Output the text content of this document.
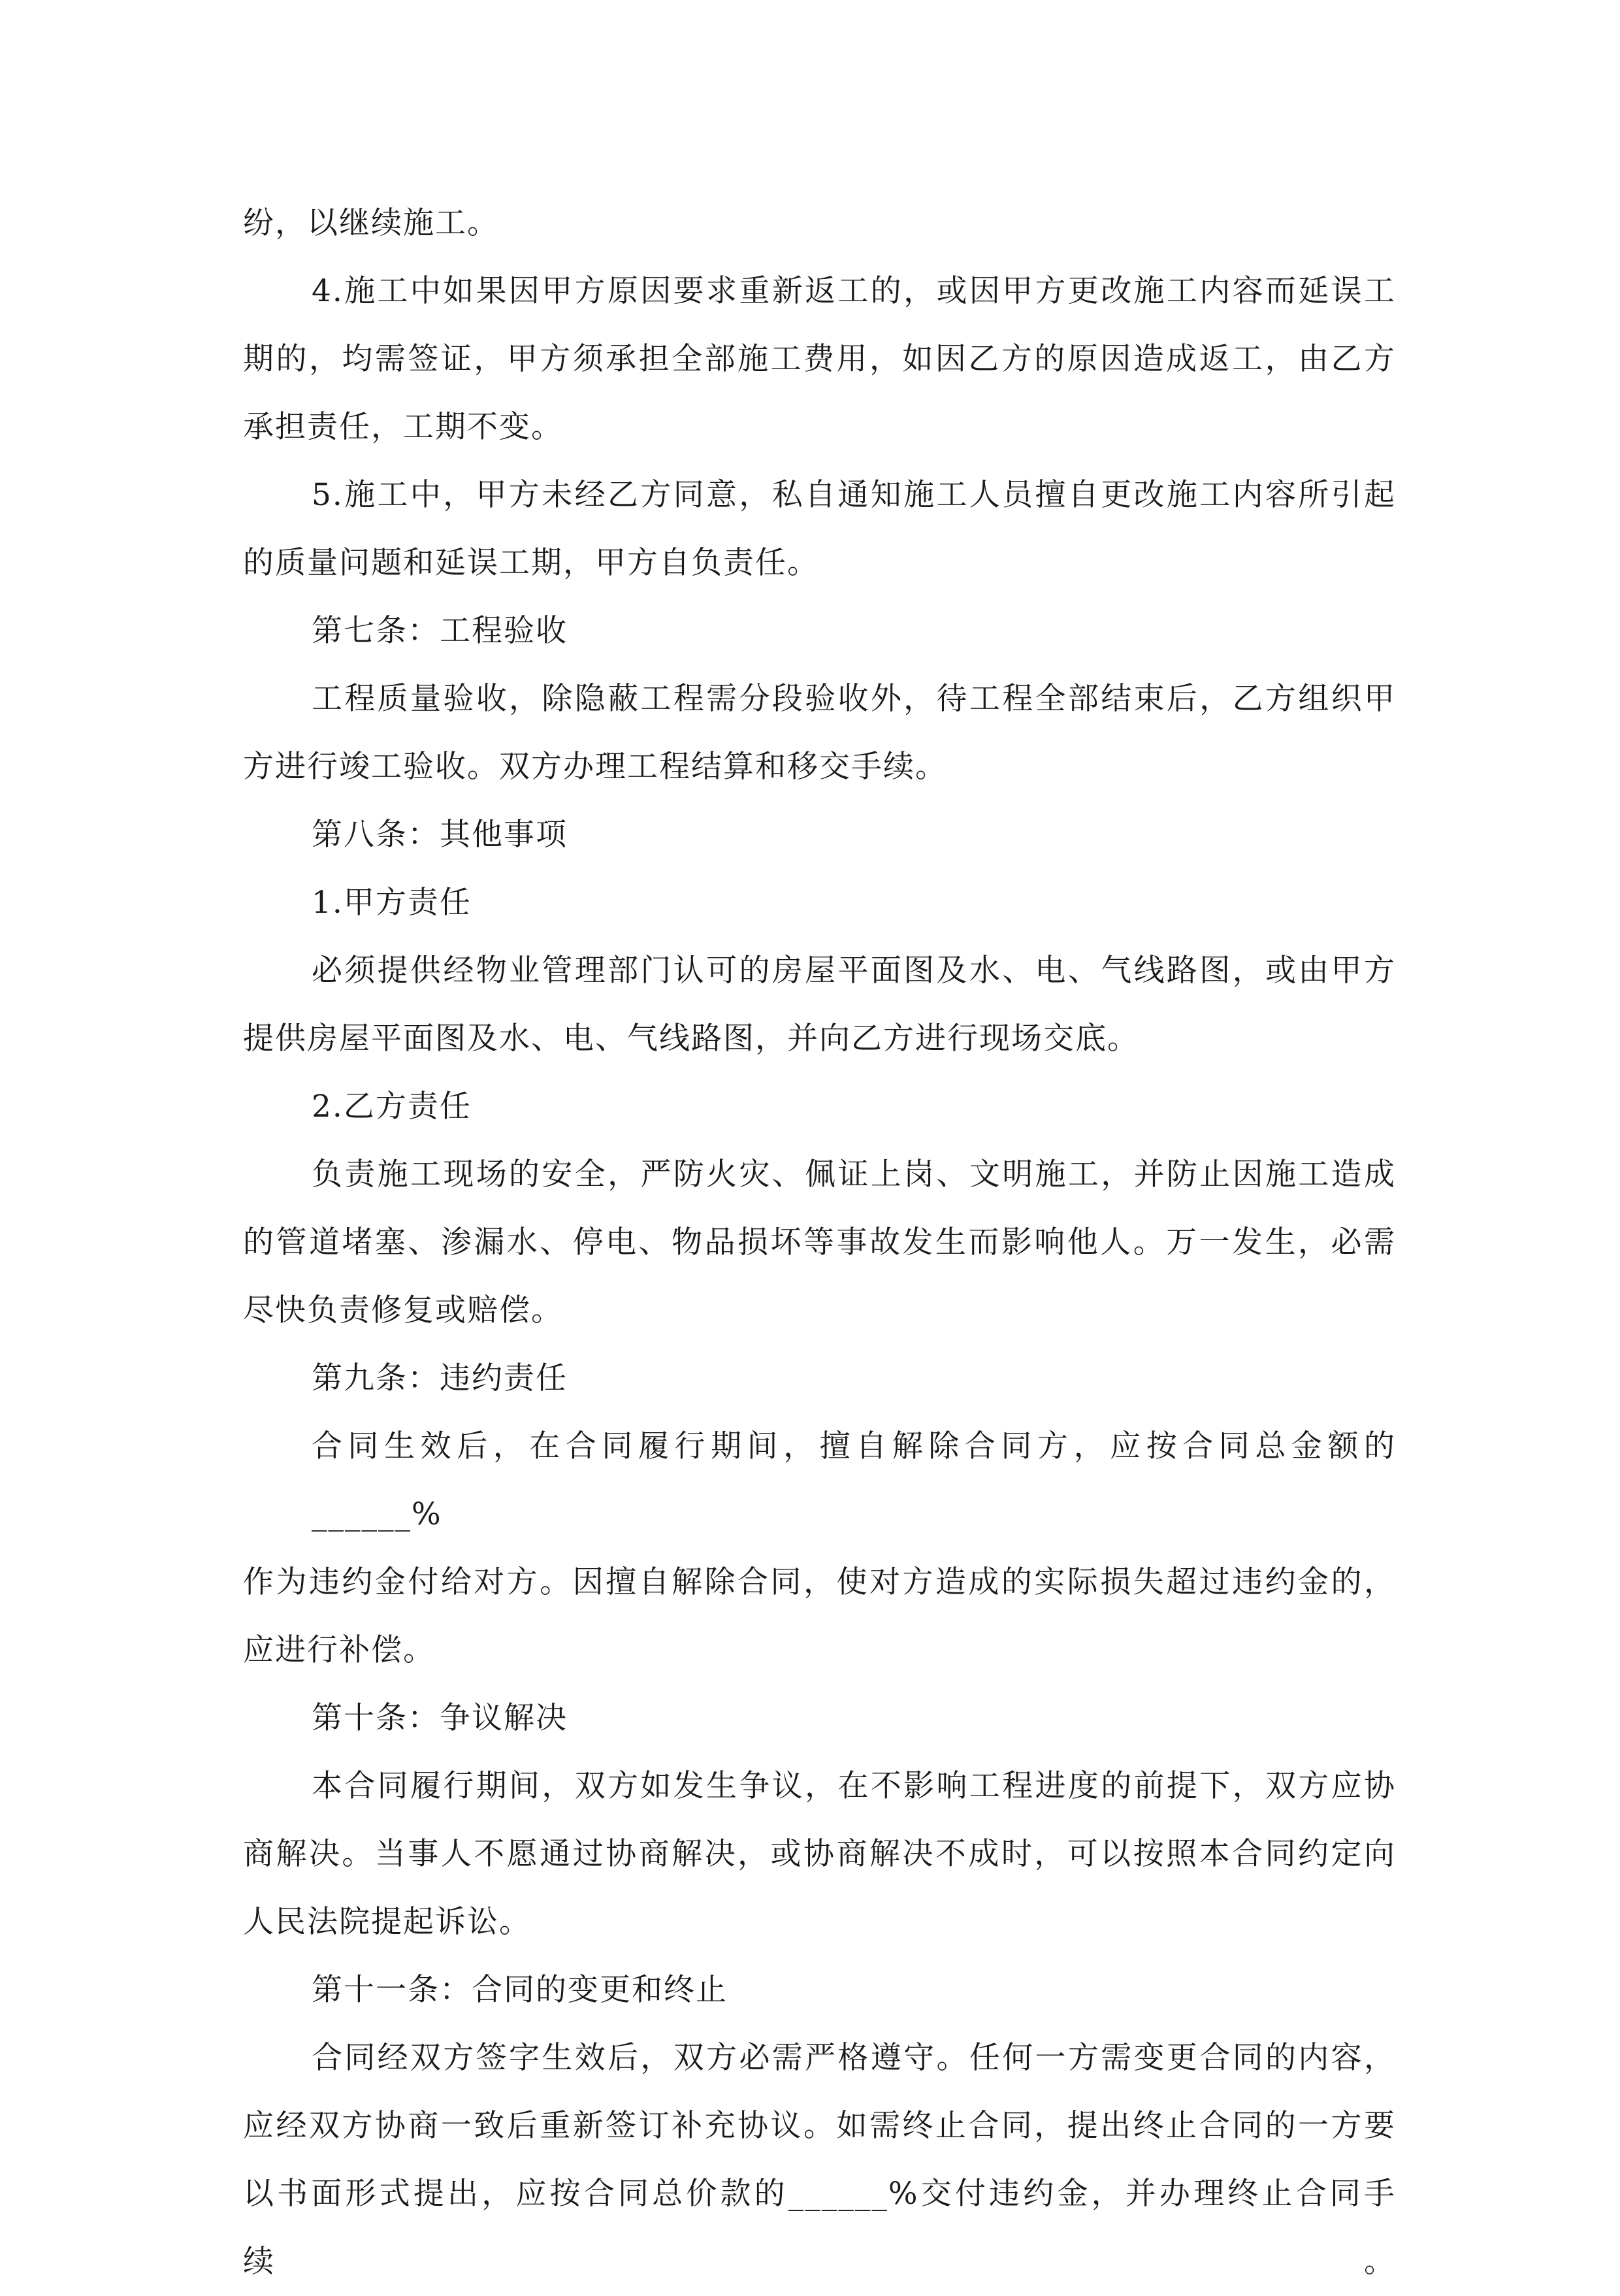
纷，以继续施工。
4.施工中如果因甲方原因要求重新返工的，或因甲方更改施工内容而延误工
期的，均需签证，甲方须承担全部施工费用，如因乙方的原因造成返工，由乙方
承担责任，工期不变。
5.施工中，甲方未经乙方同意，私自通知施工人员擅自更改施工内容所引起
的质量问题和延误工期，甲方自负责任。
第七条：工程验收
工程质量验收，除隐蔽工程需分段验收外，待工程全部结束后，乙方组织甲
方进行竣工验收。双方办理工程结算和移交手续。
第八条：其他事项
1.甲方责任
必须提供经物业管理部门认可的房屋平面图及水、电、气线路图，或由甲方
提供房屋平面图及水、电、气线路图，并向乙方进行现场交底。
2.乙方责任
负责施工现场的安全，严防火灾、佩证上岗、文明施工，并防止因施工造成
的管道堵塞、渗漏水、停电、物品损坏等事故发生而影响他人。万一发生，必需
尽快负责修复或赔偿。
第九条：违约责任
合同生效后，在合同履行期间，擅自解除合同方，应按合同总金额的______%
作为违约金付给对方。因擅自解除合同，使对方造成的实际损失超过违约金的，
应进行补偿。
第十条：争议解决
本合同履行期间，双方如发生争议，在不影响工程进度的前提下，双方应协
商解决。当事人不愿通过协商解决，或协商解决不成时，可以按照本合同约定向
人民法院提起诉讼。
第十一条：合同的变更和终止
合同经双方签字生效后，双方必需严格遵守。任何一方需变更合同的内容，
应经双方协商一致后重新签订补充协议。如需终止合同，提出终止合同的一方要
以书面形式提出，应按合同总价款的______%交付违约金，并办理终止合同手续。
